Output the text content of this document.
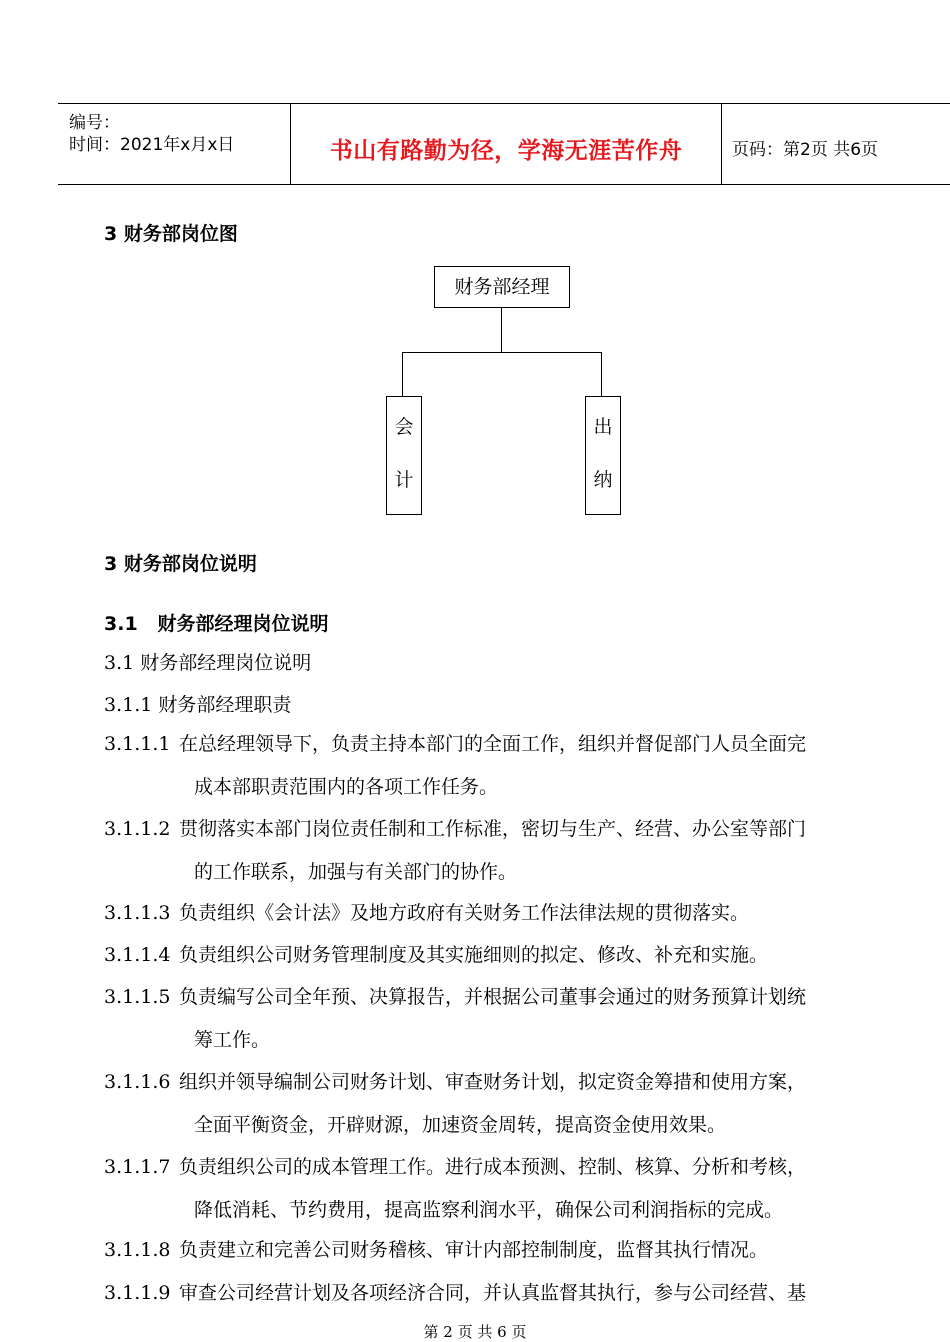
编号：
时间：2021年x月x日	书山有路勤为径，学海无涯苦作舟	页码：第2页 共6页
3 财务部岗位图
财务部经理
会
计
出
纳
3 财务部岗位说明
3.1   财务部经理岗位说明
3.1 财务部经理岗位说明
3.1.1 财务部经理职责
3.1.1.1 在总经理领导下，负责主持本部门的全面工作，组织并督促部门人员全面完
成本部职责范围内的各项工作任务。
3.1.1.2 贯彻落实本部门岗位责任制和工作标准，密切与生产、经营、办公室等部门
的工作联系，加强与有关部门的协作。
3.1.1.3 负责组织《会计法》及地方政府有关财务工作法律法规的贯彻落实。
3.1.1.4 负责组织公司财务管理制度及其实施细则的拟定、修改、补充和实施。
3.1.1.5 负责编写公司全年预、决算报告，并根据公司董事会通过的财务预算计划统
筹工作。
3.1.1.6 组织并领导编制公司财务计划、审查财务计划，拟定资金筹措和使用方案，
全面平衡资金，开辟财源，加速资金周转，提高资金使用效果。
3.1.1.7 负责组织公司的成本管理工作。进行成本预测、控制、核算、分析和考核，
降低消耗、节约费用，提高监察利润水平，确保公司利润指标的完成。
3.1.1.8 负责建立和完善公司财务稽核、审计内部控制制度，监督其执行情况。
3.1.1.9 审查公司经营计划及各项经济合同，并认真监督其执行，参与公司经营、基
第 2 页 共 6 页
